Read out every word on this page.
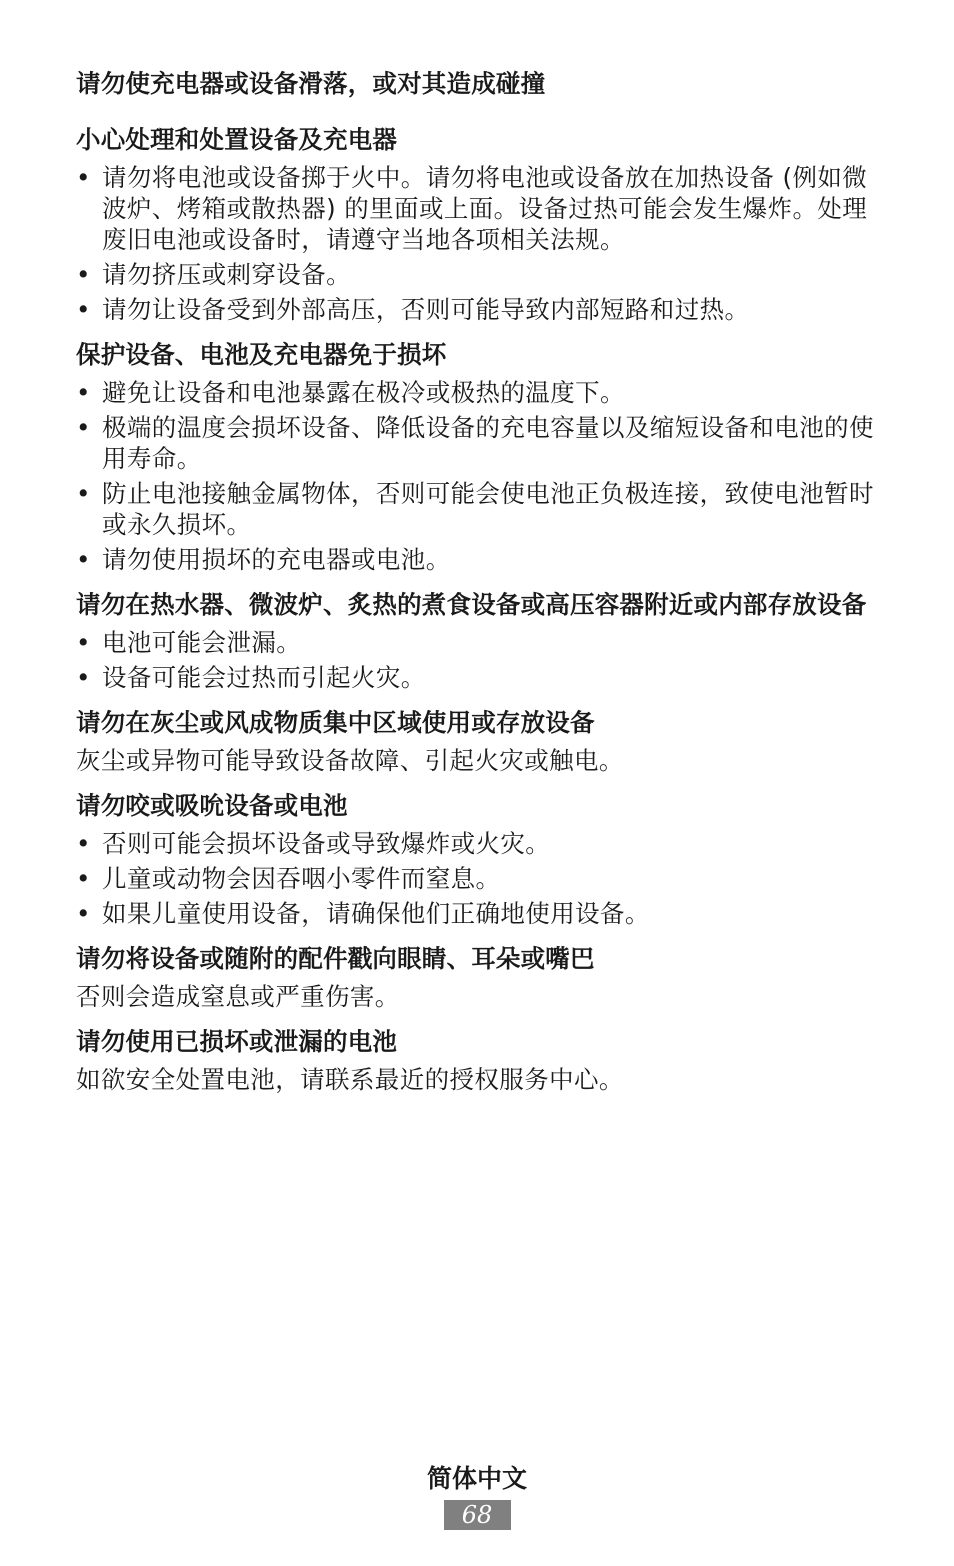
请勿使充电器或设备滑落，或对其造成碰撞
小心处理和处置设备及充电器
• 请勿将电池或设备掷于火中。请勿将电池或设备放在加热设备 (例如微波炉、烤箱或散热器) 的里面或上面。设备过热可能会发生爆炸。处理废旧电池或设备时，请遵守当地各项相关法规。
• 请勿挤压或刺穿设备。
• 请勿让设备受到外部高压，否则可能导致内部短路和过热。
保护设备、电池及充电器免于损坏
• 避免让设备和电池暴露在极冷或极热的温度下。
• 极端的温度会损坏设备、降低设备的充电容量以及缩短设备和电池的使用寿命。
• 防止电池接触金属物体，否则可能会使电池正负极连接，致使电池暂时或永久损坏。
• 请勿使用损坏的充电器或电池。
请勿在热水器、微波炉、炙热的煮食设备或高压容器附近或内部存放设备
• 电池可能会泄漏。
• 设备可能会过热而引起火灾。
请勿在灰尘或风成物质集中区域使用或存放设备

灰尘或异物可能导致设备故障、引起火灾或触电。

请勿咬或吸吮设备或电池
• 否则可能会损坏设备或导致爆炸或火灾。
• 儿童或动物会因吞咽小零件而窒息。
• 如果儿童使用设备，请确保他们正确地使用设备。
请勿将设备或随附的配件戳向眼睛、耳朵或嘴巴

否则会造成窒息或严重伤害。

请勿使用已损坏或泄漏的电池

如欲安全处置电池，请联系最近的授权服务中心。

简体中文
68
